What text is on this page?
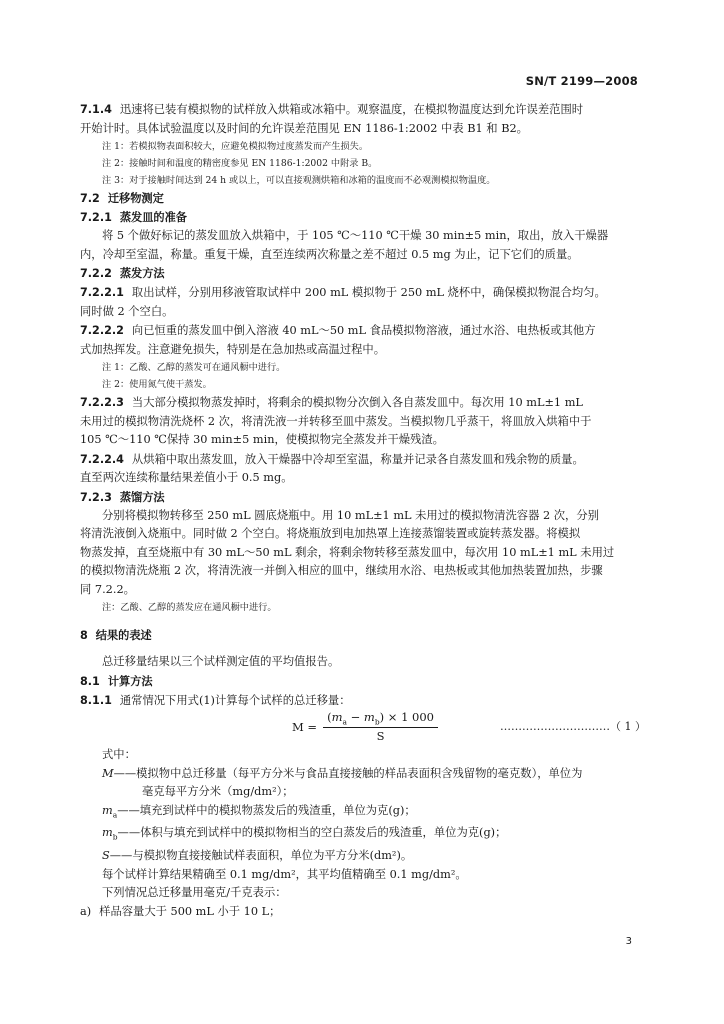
SN/T 2199—2008

7.1.4 迅速将已装有模拟物的试样放入烘箱或冰箱中。观察温度，在模拟物温度达到允许误差范围时

开始计时。具体试验温度以及时间的允许误差范围见 EN 1186-1:2002 中表 B1 和 B2。

注 1：若模拟物表面积较大，应避免模拟物过度蒸发而产生损失。

注 2：接触时间和温度的精密度参见 EN 1186-1:2002 中附录 B。

注 3：对于接触时间达到 24 h 或以上，可以直接观测烘箱和冰箱的温度而不必观测模拟物温度。

7.2 迁移物测定

7.2.1 蒸发皿的准备

将 5 个做好标记的蒸发皿放入烘箱中，于 105 ℃～110 ℃干燥 30 min±5 min，取出，放入干燥器

内，冷却至室温，称量。重复干燥，直至连续两次称量之差不超过 0.5 mg 为止，记下它们的质量。

7.2.2 蒸发方法

7.2.2.1 取出试样，分别用移液管取试样中 200 mL 模拟物于 250 mL 烧杯中，确保模拟物混合均匀。

同时做 2 个空白。

7.2.2.2 向已恒重的蒸发皿中倒入溶液 40 mL～50 mL 食品模拟物溶液，通过水浴、电热板或其他方

式加热挥发。注意避免损失，特别是在急加热或高温过程中。

注 1：乙酸、乙醇的蒸发可在通风橱中进行。

注 2：使用氮气使干蒸发。

7.2.2.3 当大部分模拟物蒸发掉时，将剩余的模拟物分次倒入各自蒸发皿中。每次用 10 mL±1 mL

未用过的模拟物清洗烧杯 2 次，将清洗液一并转移至皿中蒸发。当模拟物几乎蒸干，将皿放入烘箱中于

105 ℃～110 ℃保持 30 min±5 min，使模拟物完全蒸发并干燥残渣。

7.2.2.4 从烘箱中取出蒸发皿，放入干燥器中冷却至室温，称量并记录各自蒸发皿和残余物的质量。

直至两次连续称量结果差值小于 0.5 mg。

7.2.3 蒸馏方法

分别将模拟物转移至 250 mL 圆底烧瓶中。用 10 mL±1 mL 未用过的模拟物清洗容器 2 次，分别

将清洗液倒入烧瓶中。同时做 2 个空白。将烧瓶放到电加热罩上连接蒸馏装置或旋转蒸发器。将模拟

物蒸发掉，直至烧瓶中有 30 mL～50 mL 剩余，将剩余物转移至蒸发皿中，每次用 10 mL±1 mL 未用过

的模拟物清洗烧瓶 2 次，将清洗液一并倒入相应的皿中，继续用水浴、电热板或其他加热装置加热，步骤

同 7.2.2。

注：乙酸、乙醇的蒸发应在通风橱中进行。

8 结果的表述

总迁移量结果以三个试样测定值的平均值报告。

8.1 计算方法

8.1.1 通常情况下用式(1)计算每个试样的总迁移量：

$M = \frac{(m_a - m_b) \times 1 000}{S}$	…………………………（ 1 ）

式中：

M——模拟物中总迁移量（每平方分米与食品直接接触的样品表面积含残留物的毫克数），单位为

毫克每平方分米（mg/dm²）；

$m_a——$填充到试样中的模拟物蒸发后的残渣重，单位为克(g)；

$m_b——$体积与填充到试样中的模拟物相当的空白蒸发后的残渣重，单位为克(g)；

S——与模拟物直接接触试样表面积，单位为平方分米(dm²)。

每个试样计算结果精确至 0.1 mg/dm²，其平均值精确至 0.1 mg/dm²。

下列情况总迁移量用毫克/千克表示：

a) 样品容量大于 500 mL 小于 10 L；

3
